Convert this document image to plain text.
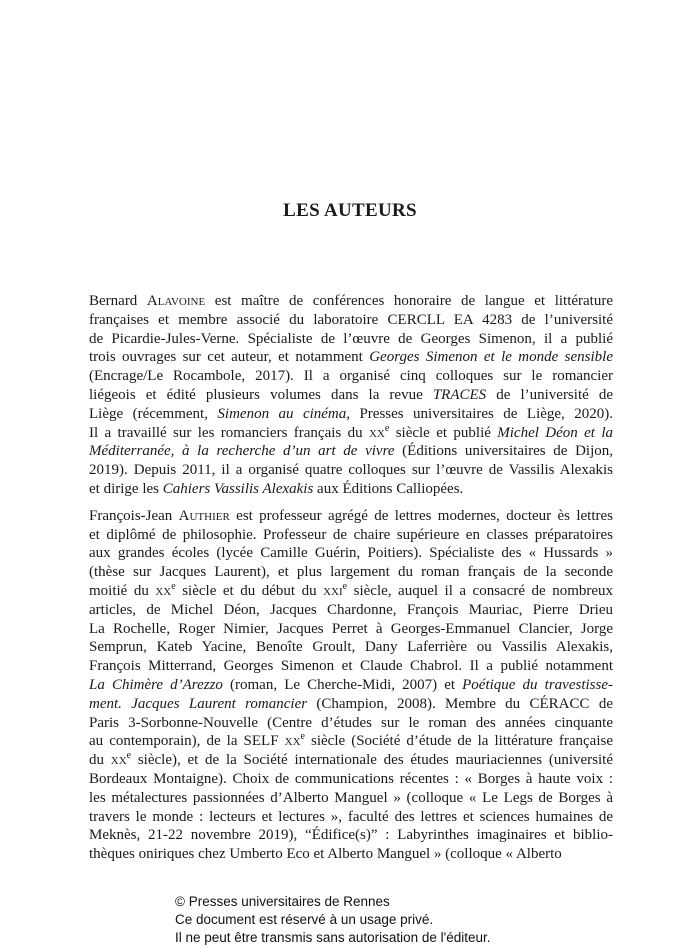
LES AUTEURS
Bernard Alavoine est maître de conférences honoraire de langue et littérature
françaises et membre associé du laboratoire CERCLL EA 4283 de l’université
de Picardie-Jules-Verne. Spécialiste de l’œuvre de Georges Simenon, il a publié
trois ouvrages sur cet auteur, et notamment Georges Simenon et le monde sensible
(Encrage/Le Rocambole, 2017). Il a organisé cinq colloques sur le romancier
liégeois et édité plusieurs volumes dans la revue TRACES de l’université de
Liège (récemment, Simenon au cinéma, Presses universitaires de Liège, 2020).
Il a travaillé sur les romanciers français du $xx^e$ siècle et publié Michel Déon et la
Méditerranée, à la recherche d’un art de vivre (Éditions universitaires de Dijon,
2019). Depuis 2011, il a organisé quatre colloques sur l’œuvre de Vassilis Alexakis
et dirige les Cahiers Vassilis Alexakis aux Éditions Calliopées.
François-Jean Authier est professeur agrégé de lettres modernes, docteur ès lettres
et diplômé de philosophie. Professeur de chaire supérieure en classes préparatoires
aux grandes écoles (lycée Camille Guérin, Poitiers). Spécialiste des « Hussards »
(thèse sur Jacques Laurent), et plus largement du roman français de la seconde
moitié du $xx^e$ siècle et du début du xxi$^e$ siècle, auquel il a consacré de nombreux
articles, de Michel Déon, Jacques Chardonne, François Mauriac, Pierre Drieu
La Rochelle, Roger Nimier, Jacques Perret à Georges-Emmanuel Clancier, Jorge
Semprun, Kateb Yacine, Benoîte Groult, Dany Laferrière ou Vassilis Alexakis,
François Mitterrand, Georges Simenon et Claude Chabrol. Il a publié notamment
La Chimère d’Arezzo (roman, Le Cherche-Midi, 2007) et Poétique du travestisse-
ment. Jacques Laurent romancier (Champion, 2008). Membre du CÉRACC de
Paris 3-Sorbonne-Nouvelle (Centre d’études sur le roman des années cinquante
au contemporain), de la SELF $xx^e$ siècle (Société d’étude de la littérature française
du $xx^e$ siècle), et de la Société internationale des études mauriaciennes (université
Bordeaux Montaigne). Choix de communications récentes : « Borges à haute voix :
les métalectures passionnées d’Alberto Manguel » (colloque « Le Legs de Borges à
travers le monde : lecteurs et lectures », faculté des lettres et sciences humaines de
Meknès, 21-22 novembre 2019), “Édifice(s)” : Labyrinthes imaginaires et biblio-
thèques oniriques chez Umberto Eco et Alberto Manguel » (colloque « Alberto
© Presses universitaires de Rennes
Ce document est réservé à un usage privé.
Il ne peut être transmis sans autorisation de l'éditeur.
